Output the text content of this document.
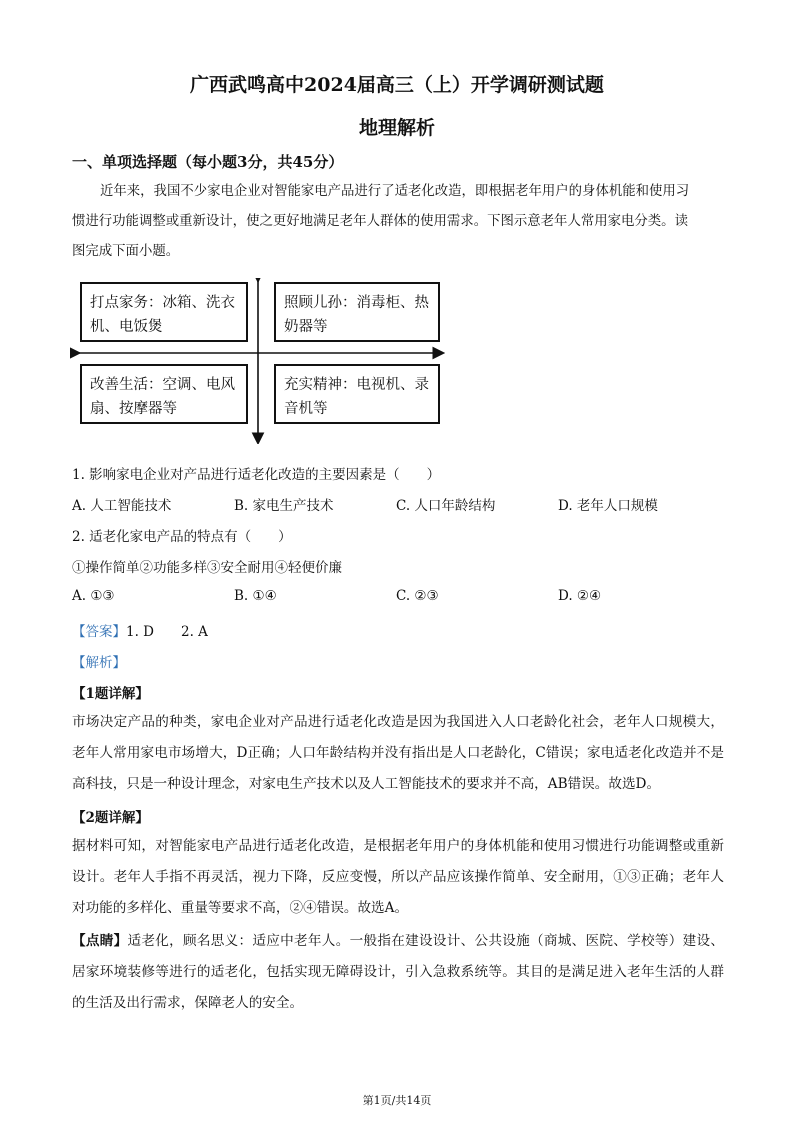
广西武鸣高中2024届高三（上）开学调研测试题
地理解析
一、单项选择题（每小题3分，共45分）
近年来，我国不少家电企业对智能家电产品进行了适老化改造，即根据老年用户的身体机能和使用习
惯进行功能调整或重新设计，使之更好地满足老年人群体的使用需求。下图示意老年人常用家电分类。读
图完成下面小题。
打点家务：冰箱、洗衣机、电饭煲
照顾儿孙：消毒柜、热奶器等
改善生活：空调、电风扇、按摩器等
充实精神：电视机、录音机等
1. 影响家电企业对产品进行适老化改造的主要因素是（　　）
A. 人工智能技术	B. 家电生产技术	C. 人口年龄结构	D. 老年人口规模
2. 适老化家电产品的特点有（　　）
①操作简单②功能多样③安全耐用④轻便价廉
A. ①③	B. ①④	C. ②③	D. ②④
【答案】1. D　　2. A
【解析】
【1题详解】
市场决定产品的种类，家电企业对产品进行适老化改造是因为我国进入人口老龄化社会，老年人口规模大，老年人常用家电市场增大，D正确；人口年龄结构并没有指出是人口老龄化，C错误；家电适老化改造并不是高科技，只是一种设计理念，对家电生产技术以及人工智能技术的要求并不高，AB错误。故选D。
【2题详解】
据材料可知，对智能家电产品进行适老化改造，是根据老年用户的身体机能和使用习惯进行功能调整或重新设计。老年人手指不再灵活，视力下降，反应变慢，所以产品应该操作简单、安全耐用，①③正确；老年人对功能的多样化、重量等要求不高，②④错误。故选A。
【点睛】适老化，顾名思义：适应中老年人。一般指在建设设计、公共设施（商城、医院、学校等）建设、居家环境装修等进行的适老化，包括实现无障碍设计，引入急救系统等。其目的是满足进入老年生活的人群的生活及出行需求，保障老人的安全。
第1页/共14页
